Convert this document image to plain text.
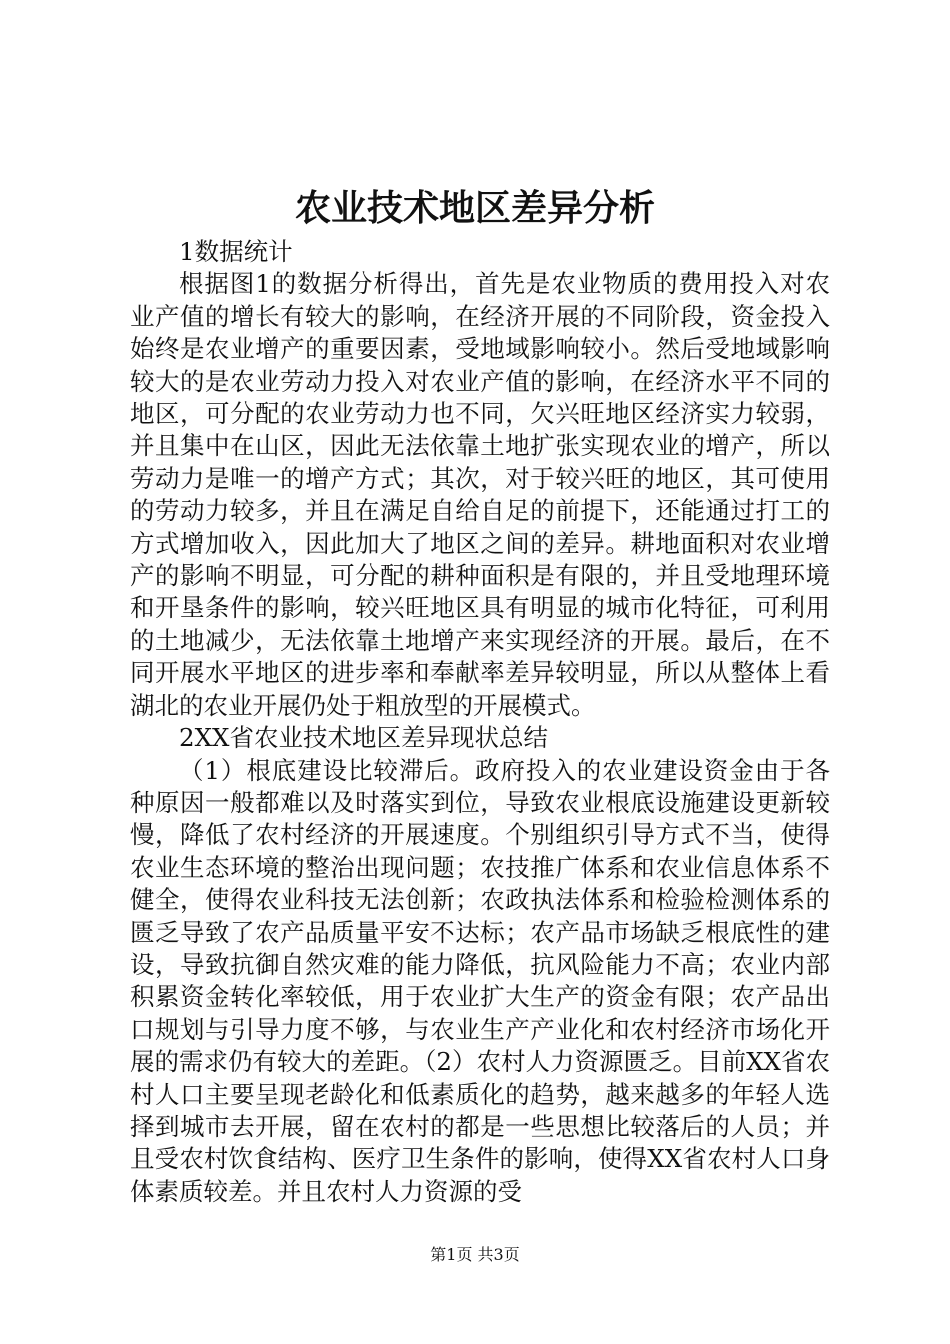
农业技术地区差异分析

1数据统计

根据图1的数据分析得出，首先是农业物质的费用投入对农业产值的增长有较大的影响，在经济开展的不同阶段，资金投入始终是农业增产的重要因素，受地域影响较小。然后受地域影响较大的是农业劳动力投入对农业产值的影响，在经济水平不同的地区，可分配的农业劳动力也不同，欠兴旺地区经济实力较弱，并且集中在山区，因此无法依靠土地扩张实现农业的增产，所以劳动力是唯一的增产方式；其次，对于较兴旺的地区，其可使用的劳动力较多，并且在满足自给自足的前提下，还能通过打工的方式增加收入，因此加大了地区之间的差异。耕地面积对农业增产的影响不明显，可分配的耕种面积是有限的，并且受地理环境和开垦条件的影响，较兴旺地区具有明显的城市化特征，可利用的土地减少，无法依靠土地增产来实现经济的开展。最后，在不同开展水平地区的进步率和奉献率差异较明显，所以从整体上看湖北的农业开展仍处于粗放型的开展模式。

2XX省农业技术地区差异现状总结

（1）根底建设比较滞后。政府投入的农业建设资金由于各种原因一般都难以及时落实到位，导致农业根底设施建设更新较慢，降低了农村经济的开展速度。个别组织引导方式不当，使得农业生态环境的整治出现问题；农技推广体系和农业信息体系不健全，使得农业科技无法创新；农政执法体系和检验检测体系的匮乏导致了农产品质量平安不达标；农产品市场缺乏根底性的建设，导致抗御自然灾难的能力降低，抗风险能力不高；农业内部积累资金转化率较低，用于农业扩大生产的资金有限；农产品出口规划与引导力度不够，与农业生产产业化和农村经济市场化开展的需求仍有较大的差距。（2）农村人力资源匮乏。目前XX省农村人口主要呈现老龄化和低素质化的趋势，越来越多的年轻人选择到城市去开展，留在农村的都是一些思想比较落后的人员；并且受农村饮食结构、医疗卫生条件的影响，使得XX省农村人口身体素质较差。并且农村人力资源的受

第1页 共3页
